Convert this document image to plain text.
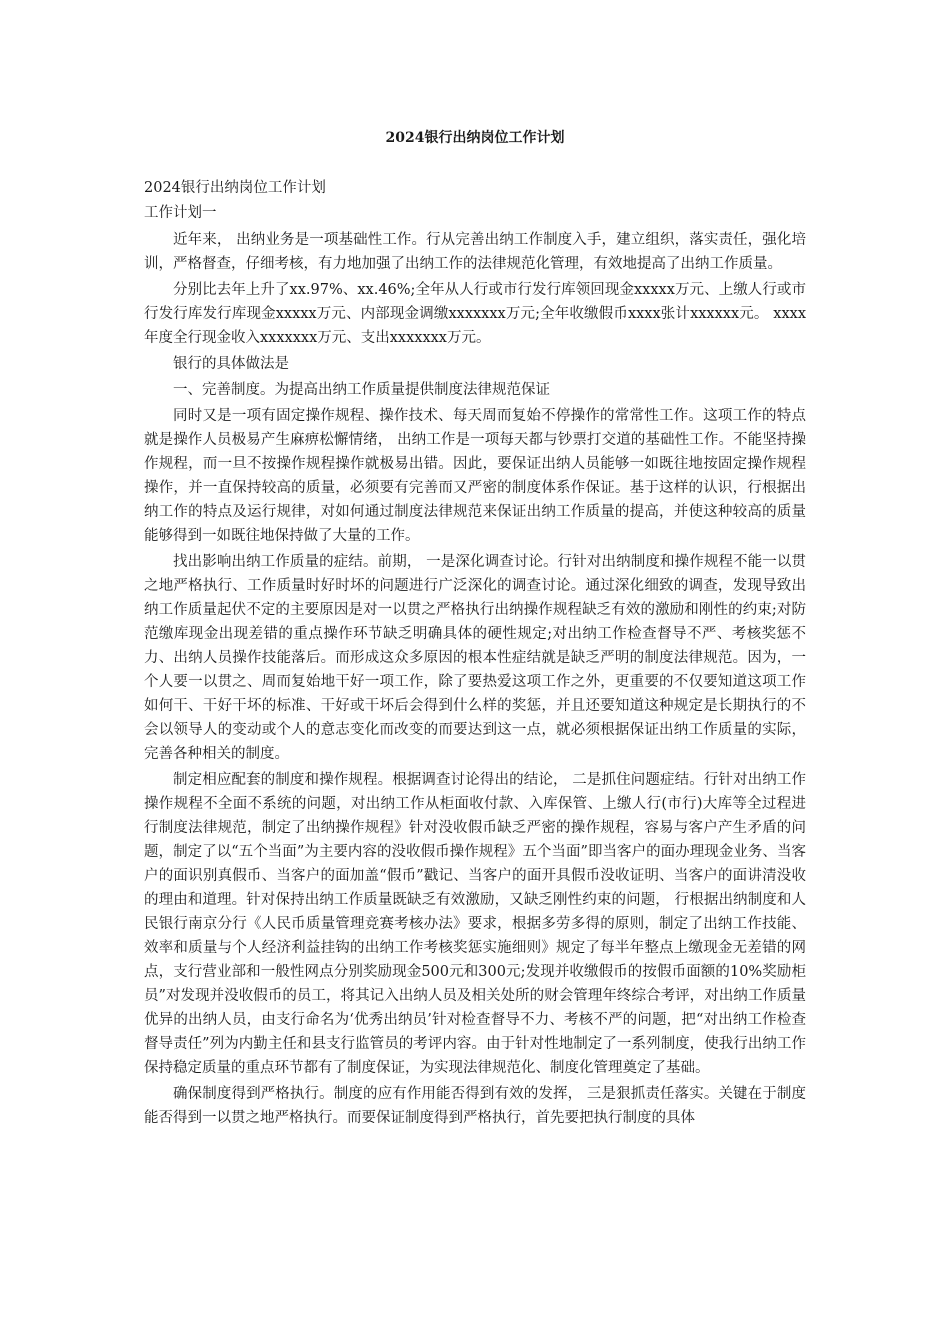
2024银行出纳岗位工作计划
2024银行出纳岗位工作计划
工作计划一

近年来， 出纳业务是一项基础性工作。行从完善出纳工作制度入手，建立组织，落实责任，强化培训，严格督查，仔细考核，有力地加强了出纳工作的法律规范化管理，有效地提高了出纳工作质量。

分别比去年上升了xx.97%、xx.46%;全年从人行或市行发行库领回现金xxxxx万元、上缴人行或市行发行库发行库现金xxxxx万元、内部现金调缴xxxxxxx万元;全年收缴假币xxxx张计xxxxxx元。 xxxx年度全行现金收入xxxxxxx万元、支出xxxxxxx万元。

银行的具体做法是

一、完善制度。为提高出纳工作质量提供制度法律规范保证

同时又是一项有固定操作规程、操作技术、每天周而复始不停操作的常常性工作。这项工作的特点就是操作人员极易产生麻痹松懈情绪， 出纳工作是一项每天都与钞票打交道的基础性工作。不能坚持操作规程，而一旦不按操作规程操作就极易出错。因此，要保证出纳人员能够一如既往地按固定操作规程操作，并一直保持较高的质量，必须要有完善而又严密的制度体系作保证。基于这样的认识，行根据出纳工作的特点及运行规律，对如何通过制度法律规范来保证出纳工作质量的提高，并使这种较高的质量能够得到一如既往地保持做了大量的工作。

找出影响出纳工作质量的症结。前期， 一是深化调查讨论。行针对出纳制度和操作规程不能一以贯之地严格执行、工作质量时好时坏的问题进行广泛深化的调查讨论。通过深化细致的调查，发现导致出纳工作质量起伏不定的主要原因是对一以贯之严格执行出纳操作规程缺乏有效的激励和刚性的约束;对防范缴库现金出现差错的重点操作环节缺乏明确具体的硬性规定;对出纳工作检查督导不严、考核奖惩不力、出纳人员操作技能落后。而形成这众多原因的根本性症结就是缺乏严明的制度法律规范。因为，一个人要一以贯之、周而复始地干好一项工作，除了要热爱这项工作之外，更重要的不仅要知道这项工作如何干、干好干坏的标准、干好或干坏后会得到什么样的奖惩，并且还要知道这种规定是长期执行的不会以领导人的变动或个人的意志变化而改变的而要达到这一点，就必须根据保证出纳工作质量的实际，完善各种相关的制度。

制定相应配套的制度和操作规程。根据调查讨论得出的结论， 二是抓住问题症结。行针对出纳工作操作规程不全面不系统的问题，对出纳工作从柜面收付款、入库保管、上缴人行(市行)大库等全过程进行制度法律规范，制定了出纳操作规程》针对没收假币缺乏严密的操作规程，容易与客户产生矛盾的问题，制定了以“五个当面”为主要内容的没收假币操作规程》五个当面”即当客户的面办理现金业务、当客户的面识别真假币、当客户的面加盖“假币”戳记、当客户的面开具假币没收证明、当客户的面讲清没收的理由和道理。针对保持出纳工作质量既缺乏有效激励，又缺乏刚性约束的问题， 行根据出纳制度和人民银行南京分行《人民币质量管理竞赛考核办法》要求，根据多劳多得的原则，制定了出纳工作技能、效率和质量与个人经济利益挂钩的出纳工作考核奖惩实施细则》规定了每半年整点上缴现金无差错的网点，支行营业部和一般性网点分别奖励现金500元和300元;发现并收缴假币的按假币面额的10%奖励柜员”对发现并没收假币的员工，将其记入出纳人员及相关处所的财会管理年终综合考评，对出纳工作质量优异的出纳人员，由支行命名为‘优秀出纳员’针对检查督导不力、考核不严的问题，把“对出纳工作检查督导责任”列为内勤主任和县支行监管员的考评内容。由于针对性地制定了一系列制度，使我行出纳工作保持稳定质量的重点环节都有了制度保证，为实现法律规范化、制度化管理奠定了基础。

确保制度得到严格执行。制度的应有作用能否得到有效的发挥， 三是狠抓责任落实。关键在于制度能否得到一以贯之地严格执行。而要保证制度得到严格执行，首先要把执行制度的具体
